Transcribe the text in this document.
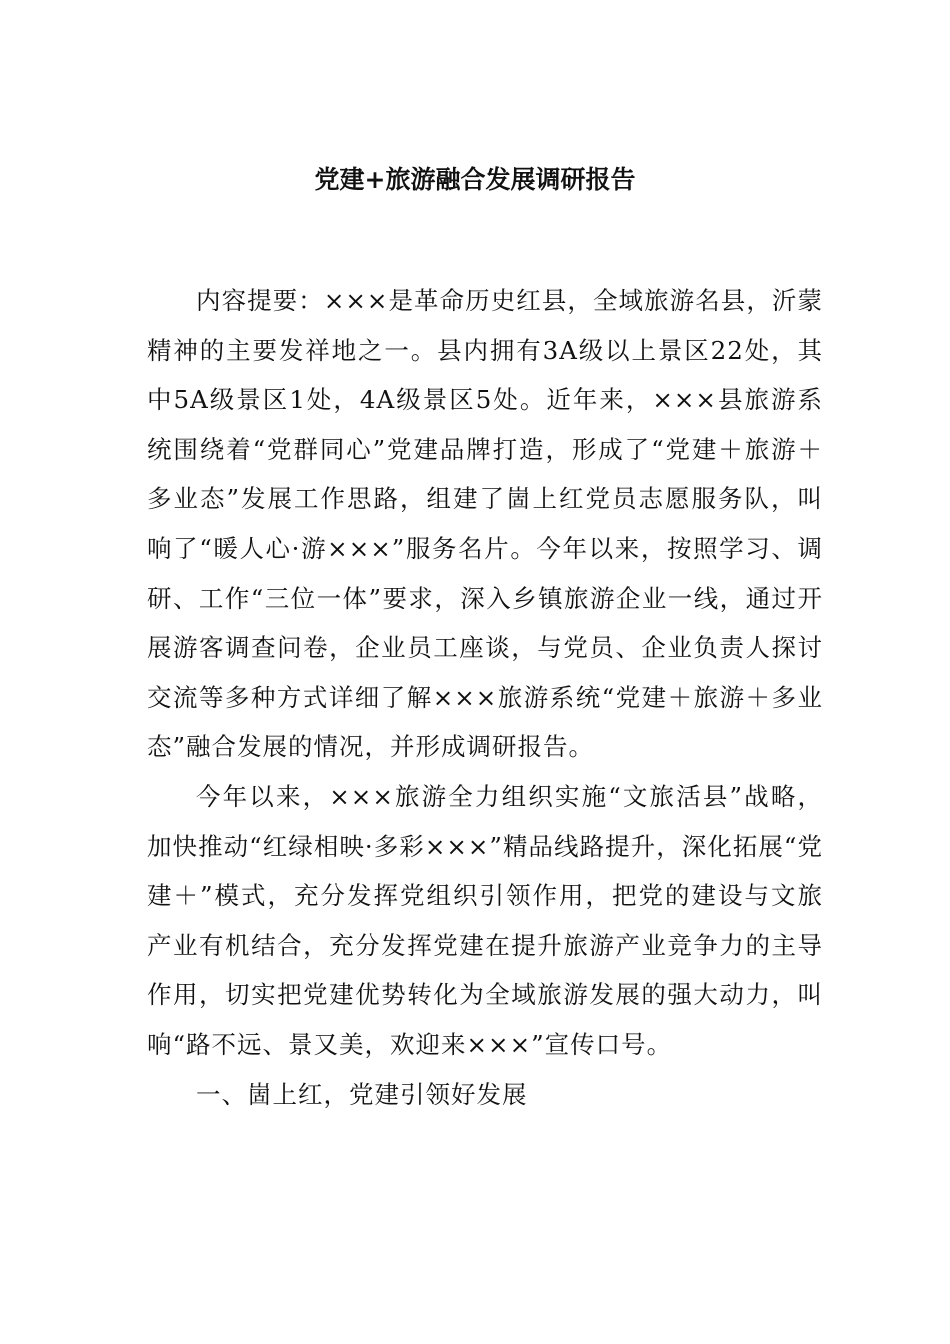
党建+旅游融合发展调研报告

内容提要：×××是革命历史红县，全域旅游名县，沂蒙精神的主要发祥地之一。县内拥有3A级以上景区22处，其中5A级景区1处，4A级景区5处。近年来，×××县旅游系统围绕着“党群同心”党建品牌打造，形成了“党建＋旅游＋多业态”发展工作思路，组建了崮上红党员志愿服务队，叫响了“暖人心·游×××”服务名片。今年以来，按照学习、调研、工作“三位一体”要求，深入乡镇旅游企业一线，通过开展游客调查问卷，企业员工座谈，与党员、企业负责人探讨交流等多种方式详细了解×××旅游系统“党建＋旅游＋多业态”融合发展的情况，并形成调研报告。

今年以来，×××旅游全力组织实施“文旅活县”战略，加快推动“红绿相映·多彩×××”精品线路提升，深化拓展“党建＋”模式，充分发挥党组织引领作用，把党的建设与文旅产业有机结合，充分发挥党建在提升旅游产业竞争力的主导作用，切实把党建优势转化为全域旅游发展的强大动力，叫响“路不远、景又美，欢迎来×××”宣传口号。

一、崮上红，党建引领好发展
